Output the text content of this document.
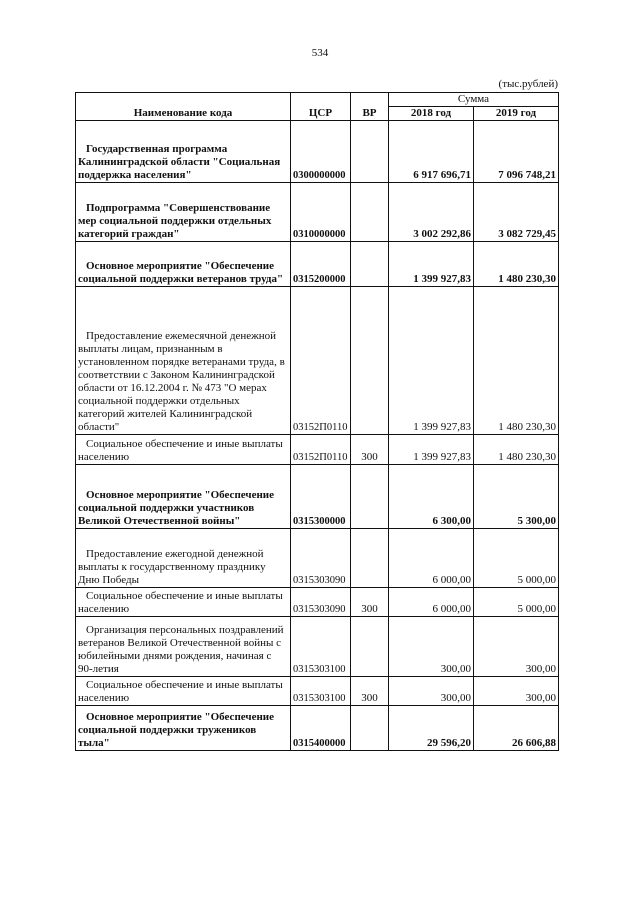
534
(тыс.рублей)
Наименование кода	ЦСР	ВР	Сумма	
			2018 год	2019 год
Государственная программа Калининградской области "Социальная поддержка населения"	0300000000		6 917 696,71	7 096 748,21
Подпрограмма "Совершенствование мер социальной поддержки отдельных категорий граждан"	0310000000		3 002 292,86	3 082 729,45
Основное мероприятие "Обеспечение социальной поддержки ветеранов труда"	0315200000		1 399 927,83	1 480 230,30
Предоставление ежемесячной денежной выплаты лицам, признанным в установленном порядке ветеранами труда, в соответствии с Законом Калининградской области от 16.12.2004 г. № 473 "О мерах социальной поддержки отдельных категорий жителей Калининградской области"	03152П0110		1 399 927,83	1 480 230,30
Социальное обеспечение и иные выплаты населению	03152П0110	300	1 399 927,83	1 480 230,30
Основное мероприятие "Обеспечение социальной поддержки участников Великой Отечественной войны"	0315300000		6 300,00	5 300,00
Предоставление ежегодной денежной выплаты к государственному празднику Дню Победы	0315303090		6 000,00	5 000,00
Социальное обеспечение и иные выплаты населению	0315303090	300	6 000,00	5 000,00
Организация персональных поздравлений ветеранов Великой Отечественной войны с юбилейными днями рождения, начиная с 90-летия	0315303100		300,00	300,00
Социальное обеспечение и иные выплаты населению	0315303100	300	300,00	300,00
Основное мероприятие "Обеспечение социальной поддержки тружеников тыла"	0315400000		29 596,20	26 606,88
